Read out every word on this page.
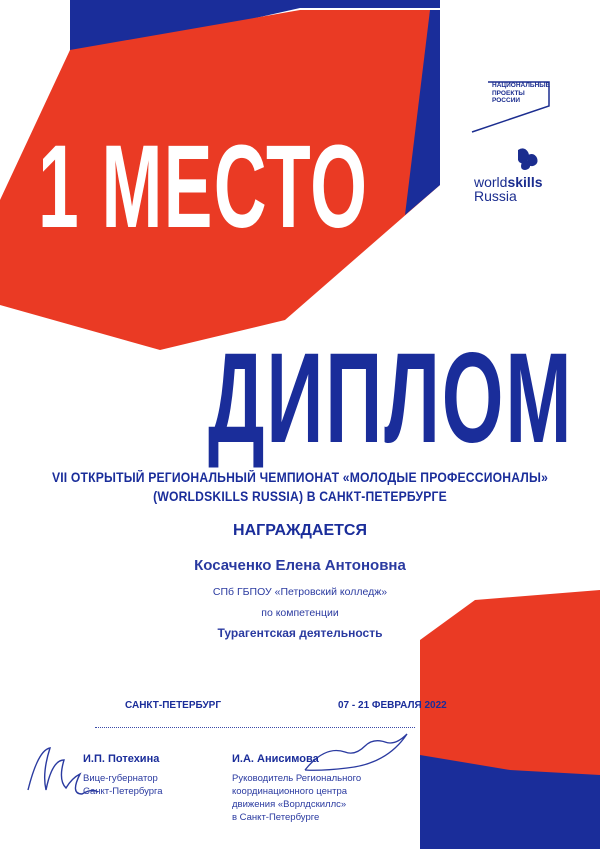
НАЦИОНАЛЬНЫЕ ПРОЕКТЫ РОССИИ
worldskills
Russia
1 МЕСТО
ДИПЛОМ
VII ОТКРЫТЫЙ РЕГИОНАЛЬНЫЙ ЧЕМПИОНАТ «МОЛОДЫЕ ПРОФЕССИОНАЛЫ»
(WORLDSKILLS RUSSIA) В САНКТ-ПЕТЕРБУРГЕ
НАГРАЖДАЕТСЯ
Косаченко Елена Антоновна
СПб ГБПОУ «Петровский колледж»
по компетенции
Турагентская деятельность
САНКТ-ПЕТЕРБУРГ	07 - 21 ФЕВРАЛЯ 2022
И.П. Потехина
Вице-губернатор
Санкт-Петербурга
И.А. Анисимова
Руководитель Регионального
координационного центра
движения «Ворлдскиллс»
в Санкт-Петербурге
